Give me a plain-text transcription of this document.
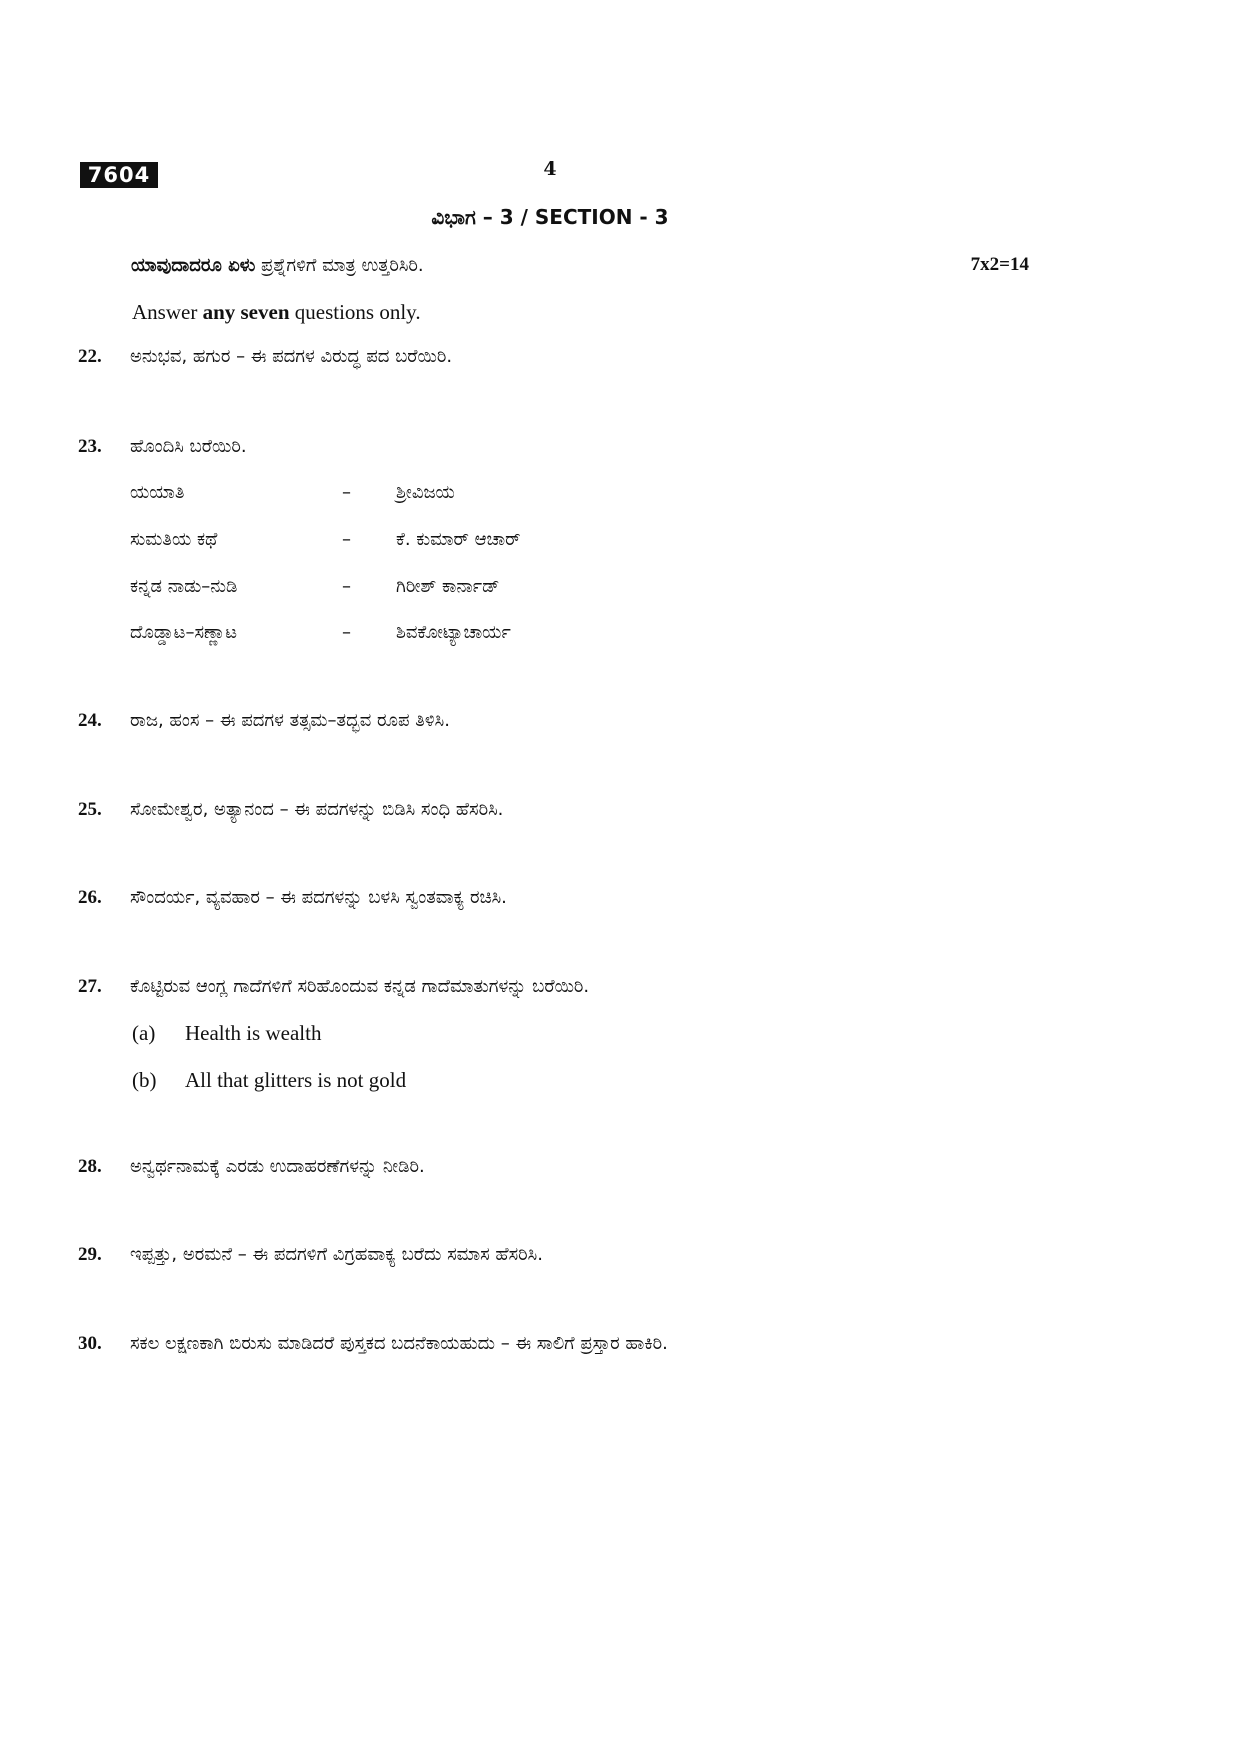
7604	4
ವಿಭಾಗ – 3 / SECTION - 3
ಯಾವುದಾದರೂ ಏಳು ಪ್ರಶ್ನೆಗಳಿಗೆ ಮಾತ್ರ ಉತ್ತರಿಸಿರಿ.	7x2=14
Answer any seven questions only.
22. ಅನುಭವ, ಹಗುರ – ಈ ಪದಗಳ ವಿರುದ್ಧ ಪದ ಬರೆಯಿರಿ.
23. ಹೊಂದಿಸಿ ಬರೆಯಿರಿ.
ಯಯಾತಿ	–	ಶ್ರೀವಿಜಯ
ಸುಮತಿಯ ಕಥೆ	–	ಕೆ. ಕುಮಾರ್ ಆಚಾರ್
ಕನ್ನಡ ನಾಡು–ನುಡಿ	–	ಗಿರೀಶ್ ಕಾರ್ನಾಡ್
ದೊಡ್ಡಾಟ–ಸಣ್ಣಾಟ	–	ಶಿವಕೋಟ್ಯಾಚಾರ್ಯ
24. ರಾಜ, ಹಂಸ – ಈ ಪದಗಳ ತತ್ಸಮ–ತದ್ಭವ ರೂಪ ತಿಳಿಸಿ.
25. ಸೋಮೇಶ್ವರ, ಅತ್ಯಾನಂದ – ಈ ಪದಗಳನ್ನು ಬಿಡಿಸಿ ಸಂಧಿ ಹೆಸರಿಸಿ.
26. ಸೌಂದರ್ಯ, ವ್ಯವಹಾರ – ಈ ಪದಗಳನ್ನು ಬಳಸಿ ಸ್ವಂತವಾಕ್ಯ ರಚಿಸಿ.
27. ಕೊಟ್ಟಿರುವ ಆಂಗ್ಲ ಗಾದೆಗಳಿಗೆ ಸರಿಹೊಂದುವ ಕನ್ನಡ ಗಾದೆಮಾತುಗಳನ್ನು ಬರೆಯಿರಿ.
(a) Health is wealth
(b) All that glitters is not gold
28. ಅನ್ವರ್ಥನಾಮಕ್ಕೆ ಎರಡು ಉದಾಹರಣೆಗಳನ್ನು ನೀಡಿರಿ.
29. ಇಪ್ಪತ್ತು, ಅರಮನೆ – ಈ ಪದಗಳಿಗೆ ವಿಗ್ರಹವಾಕ್ಯ ಬರೆದು ಸಮಾಸ ಹೆಸರಿಸಿ.
30. ಸಕಲ ಲಕ್ಷಣಕಾಗಿ ಬಿರುಸು ಮಾಡಿದರೆ ಪುಸ್ತಕದ ಬದನೆಕಾಯಹುದು – ಈ ಸಾಲಿಗೆ ಪ್ರಸ್ತಾರ ಹಾಕಿರಿ.
